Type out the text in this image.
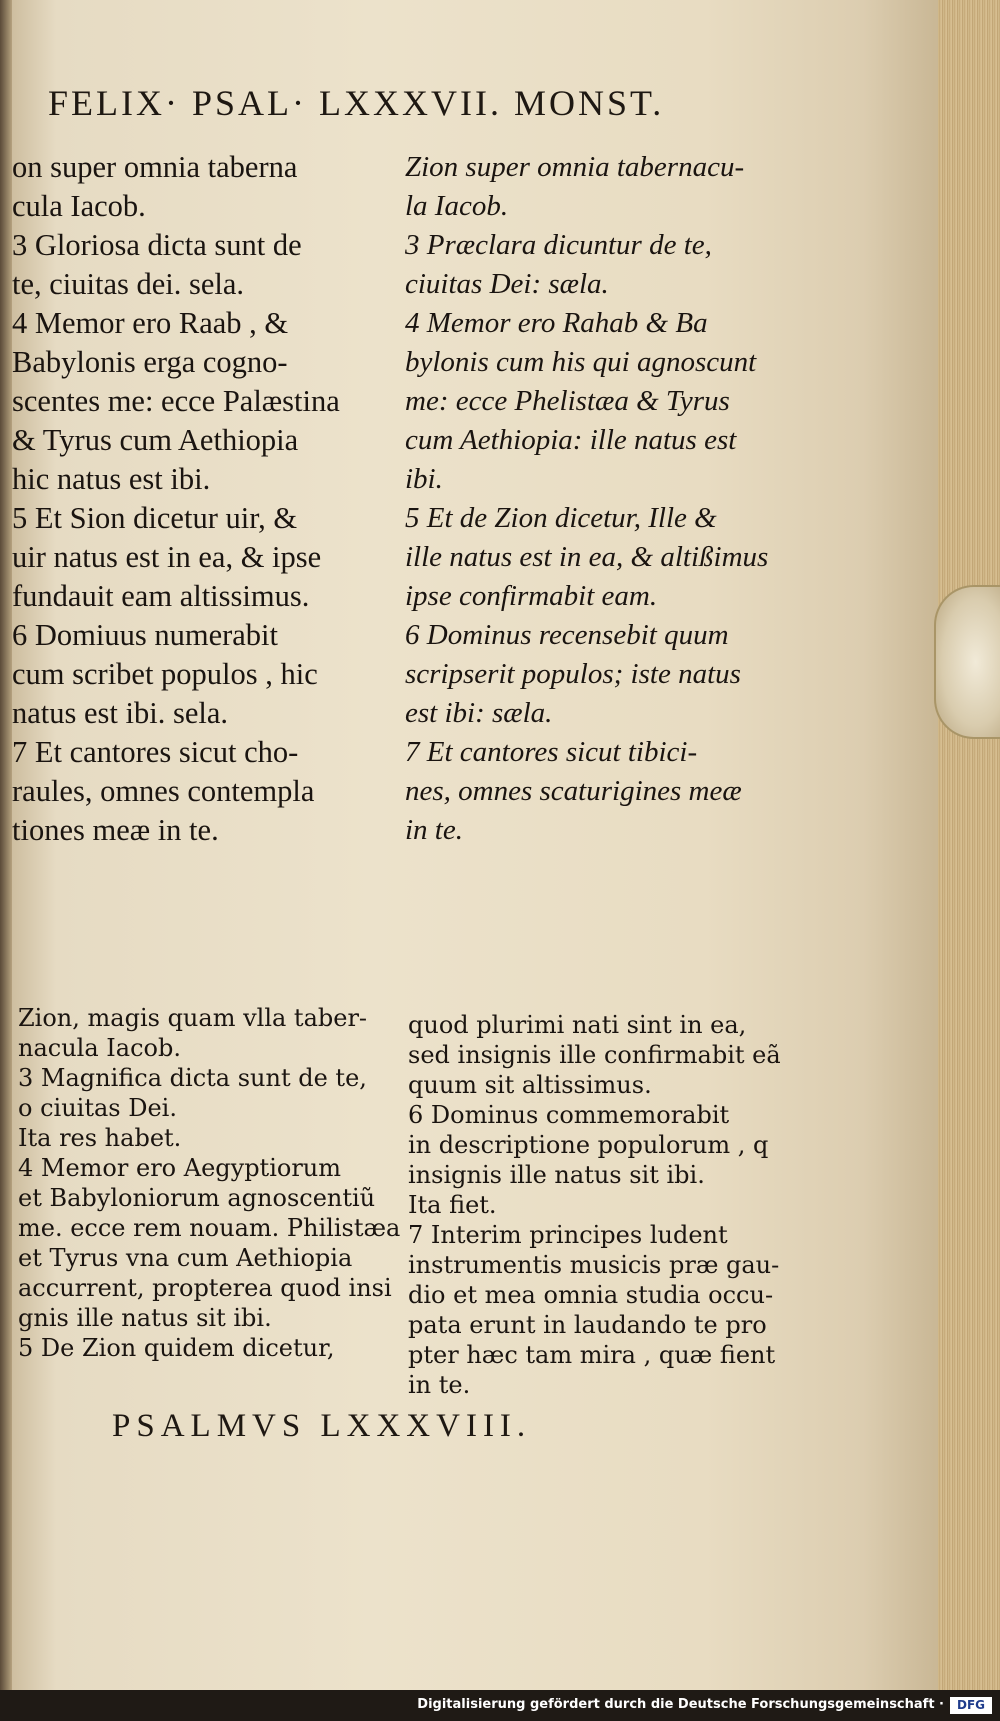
FELIX· PSAL· LXXXVII. MONST.
on super omnia taberna
cula Iacob.
3 Gloriosa dicta sunt de
te, ciuitas dei. sela.
4 Memor ero Raab , &
Babylonis erga cogno-
scentes me: ecce Palæstina
& Tyrus cum Aethiopia
hic natus est ibi.
5 Et Sion dicetur uir, &
uir natus est in ea, & ipse
fundauit eam altissimus.
6 Domiuus numerabit
cum scribet populos , hic
natus est ibi. sela.
7 Et cantores sicut cho-
raules, omnes contempla
tiones meæ in te.
Zion super omnia tabernacu-
la Iacob.
3 Præclara dicuntur de te,
ciuitas Dei: sæla.
4 Memor ero Rahab & Ba
bylonis cum his qui agnoscunt
me: ecce Phelistæa & Tyrus
cum Aethiopia: ille natus est
ibi.
5 Et de Zion dicetur, Ille &
ille natus est in ea, & altißimus
ipse confirmabit eam.
6 Dominus recensebit quum
scripserit populos; iste natus
est ibi: sæla.
7 Et cantores sicut tibici-
nes, omnes scaturigines meæ
in te.
Zion, magis quam vlla taber-
nacula Iacob.
3 Magnifica dicta sunt de te,
o ciuitas Dei.
Ita res habet.
4 Memor ero Aegyptiorum
et Babyloniorum agnoscentiũ
me. ecce rem nouam. Philistæa
et Tyrus vna cum Aethiopia
accurrent, propterea quod insi
gnis ille natus sit ibi.
5 De Zion quidem dicetur,
quod plurimi nati sint in ea,
sed insignis ille confirmabit eã
quum sit altissimus.
6 Dominus commemorabit
in descriptione populorum , q
insignis ille natus sit ibi.
Ita fiet.
7 Interim principes ludent
instrumentis musicis præ gau-
dio et mea omnia studia occu-
pata erunt in laudando te pro
pter hæc tam mira , quæ fient
in te.
PSALMVS LXXXVIII.
Digitalisierung gefördert durch die Deutsche Forschungsgemeinschaft ·	DFG
